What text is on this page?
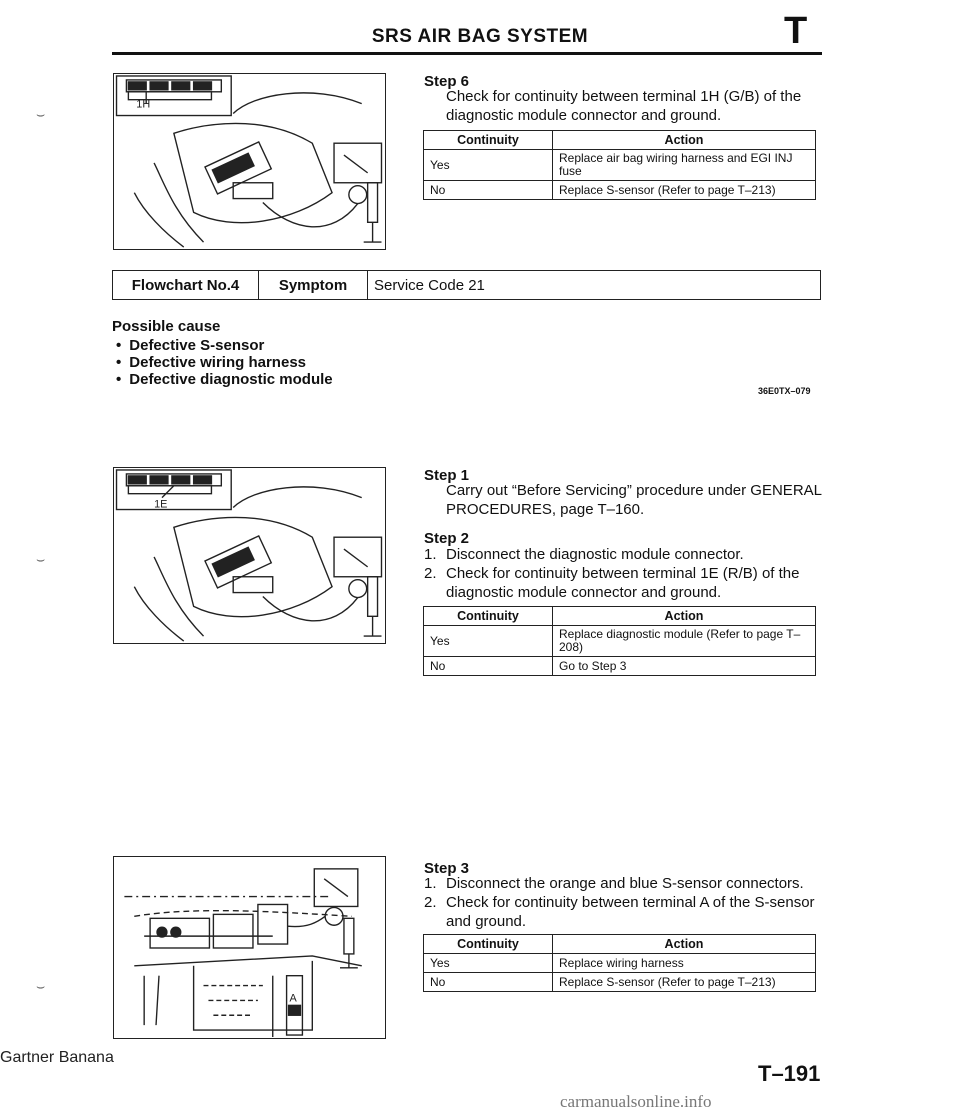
SRS AIR BAG SYSTEM	T
⌣
⌣
⌣
1H
Step 6
Check for continuity between terminal 1H (G/B) of the diagnostic module connector and ground.
Continuity	Action
Yes	Replace air bag wiring harness and EGI INJ fuse
No	Replace S-sensor (Refer to page T–213)
Flowchart No.4	Symptom	Service Code 21
Possible cause
• Defective S-sensor
• Defective wiring harness
• Defective diagnostic module
36E0TX–079
1E
Step 1
Carry out “Before Servicing” procedure under GENERAL PROCEDURES, page T–160.
Step 2
1. Disconnect the diagnostic module connector.
2. Check for continuity between terminal 1E (R/B) of the diagnostic module connector and ground.
Continuity	Action
Yes	Replace diagnostic module (Refer to page T–208)
No	Go to Step 3
A
Step 3
1. Disconnect the orange and blue S-sensor connectors.
2. Check for continuity between terminal A of the S-sensor and ground.
Continuity	Action
Yes	Replace wiring harness
No	Replace S-sensor (Refer to page T–213)
Gartner Banana
T–191
carmanualsonline.info
